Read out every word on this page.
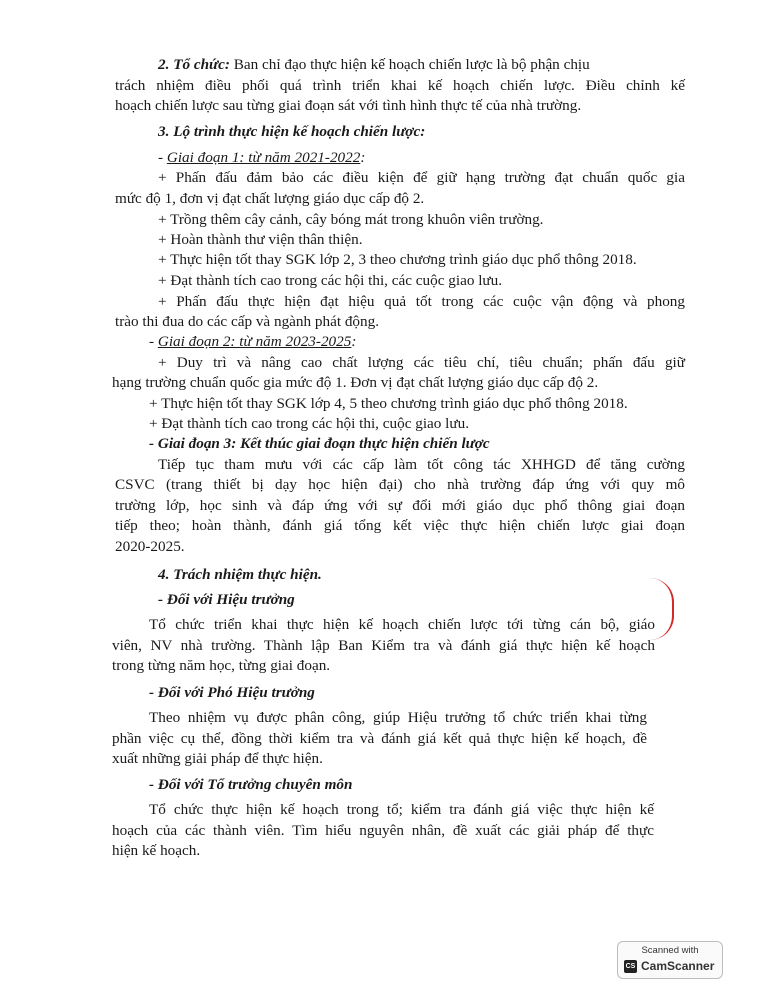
2. Tổ chức: Ban chỉ đạo thực hiện kế hoạch chiến lược là bộ phận chịu
trách nhiệm điều phối quá trình triển khai kế hoạch chiến lược. Điều chỉnh kế
hoạch chiến lược sau từng giai đoạn sát với tình hình thực tế của nhà trường.
3. Lộ trình thực hiện kế hoạch chiến lược:
- Giai đoạn 1: từ năm 2021-2022:
+ Phấn đấu đảm bảo các điều kiện để giữ hạng trường đạt chuẩn quốc gia
mức độ 1, đơn vị đạt chất lượng giáo dục cấp độ 2.
+ Trồng thêm cây cảnh, cây bóng mát trong khuôn viên trường.
+ Hoàn thành thư viện thân thiện.
+ Thực hiện tốt thay SGK lớp 2, 3 theo chương trình giáo dục phổ thông 2018.
+ Đạt thành tích cao trong các hội thi, các cuộc giao lưu.
+ Phấn đấu thực hiện đạt hiệu quả tốt trong các cuộc vận động và phong
trào thi đua do các cấp và ngành phát động.
- Giai đoạn 2: từ năm 2023-2025:
+ Duy trì và nâng cao chất lượng các tiêu chí, tiêu chuẩn; phấn đấu giữ
hạng trường chuẩn quốc gia mức độ 1. Đơn vị đạt chất lượng giáo dục cấp độ 2.
+ Thực hiện tốt thay SGK lớp 4, 5 theo chương trình giáo dục phổ thông 2018.
+ Đạt thành tích cao trong các hội thi, cuộc giao lưu.
- Giai đoạn 3: Kết thúc giai đoạn thực hiện chiến lược
Tiếp tục tham mưu với các cấp làm tốt công tác XHHGD để tăng cường
CSVC (trang thiết bị dạy học hiện đại) cho nhà trường đáp ứng với quy mô
trường lớp, học sinh và đáp ứng với sự đổi mới giáo dục phổ thông giai đoạn
tiếp theo; hoàn thành, đánh giá tổng kết việc thực hiện chiến lược giai đoạn
2020-2025.
4. Trách nhiệm thực hiện.
- Đối với Hiệu trưởng
Tổ chức triển khai thực hiện kế hoạch chiến lược tới từng cán bộ, giáo
viên, NV nhà trường. Thành lập Ban Kiểm tra và đánh giá thực hiện kế hoạch
trong từng năm học, từng giai đoạn.
- Đối với Phó Hiệu trưởng
Theo nhiệm vụ được phân công, giúp Hiệu trưởng tổ chức triển khai từng
phần việc cụ thể, đồng thời kiểm tra và đánh giá kết quả thực hiện kế hoạch, đề
xuất những giải pháp để thực hiện.
- Đối với Tổ trưởng chuyên môn
Tổ chức thực hiện kế hoạch trong tổ; kiểm tra đánh giá việc thực hiện kế
hoạch của các thành viên. Tìm hiểu nguyên nhân, đề xuất các giải pháp để thực
hiện kế hoạch.
Scanned with
CS CamScanner
